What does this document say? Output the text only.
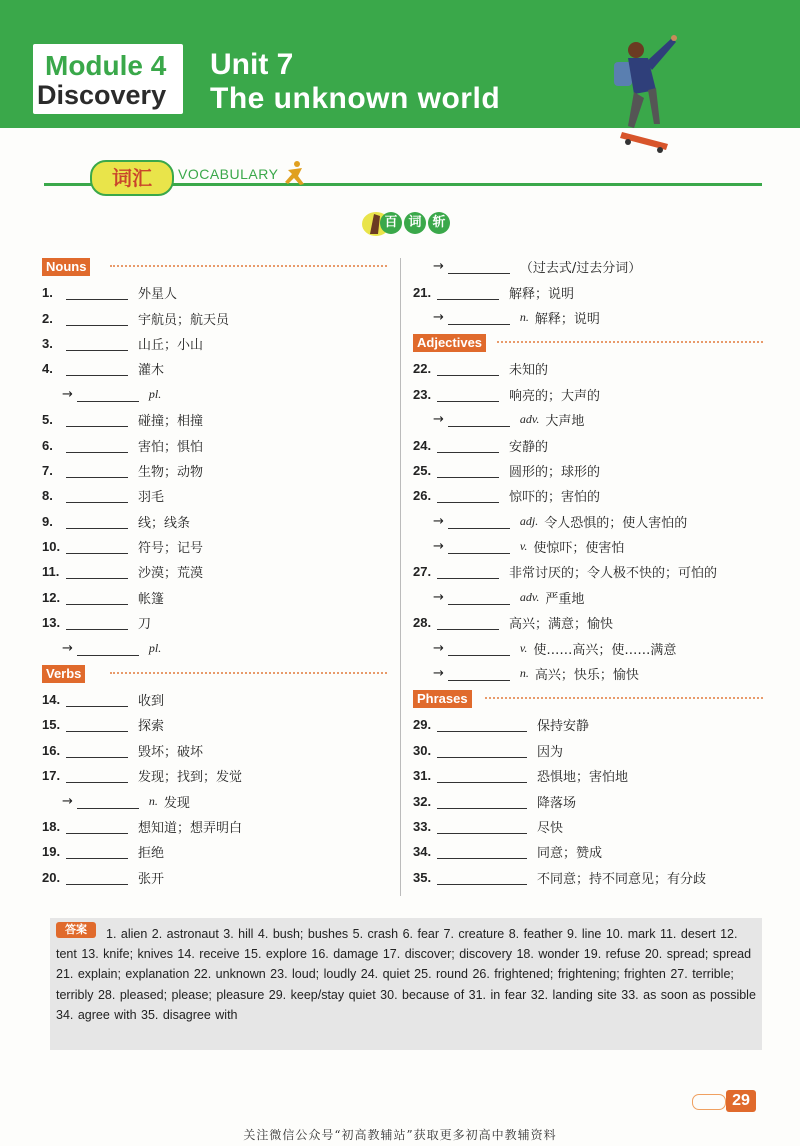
Module 4
Discovery
Unit 7
The unknown world
词汇	VOCABULARY
百 词 斩
Nouns
1.	外星人
2.	宇航员；航天员
3.	山丘；小山
4.	灌木
→	pl.
5.	碰撞；相撞
6.	害怕；惧怕
7.	生物；动物
8.	羽毛
9.	线；线条
10.	符号；记号
11.	沙漠；荒漠
12.	帐篷
13.	刀
→	pl.
Verbs
14.	收到
15.	探索
16.	毁坏；破坏
17.	发现；找到；发觉
→	n. 发现
18.	想知道；想弄明白
19.	拒绝
20.	张开
→	（过去式/过去分词）
21.	解释；说明
→	n. 解释；说明
Adjectives
22.	未知的
23.	响亮的；大声的
→	adv. 大声地
24.	安静的
25.	圆形的；球形的
26.	惊吓的；害怕的
→	adj. 令人恐惧的；使人害怕的
→	v. 使惊吓；使害怕
27.	非常讨厌的；令人极不快的；可怕的
→	adv. 严重地
28.	高兴；满意；愉快
→	v. 使……高兴；使……满意
→	n. 高兴；快乐；愉快
Phrases
29.	保持安静
30.	因为
31.	恐惧地；害怕地
32.	降落场
33.	尽快
34.	同意；赞成
35.	不同意；持不同意见；有分歧
答案	1. alien 2. astronaut 3. hill 4. bush; bushes 5. crash 6. fear 7. creature 8. feather 9. line 10. mark 11. desert 12. tent 13. knife; knives 14. receive 15. explore 16. damage 17. discover; discovery 18. wonder 19. refuse 20. spread; spread 21. explain; explanation 22. unknown 23. loud; loudly 24. quiet 25. round 26. frightened; frightening; frighten 27. terrible; terribly 28. pleased; please; pleasure 29. keep/stay quiet 30. because of 31. in fear 32. landing site 33. as soon as possible 34. agree with 35. disagree with
29
关注微信公众号“初高教辅站”获取更多初高中教辅资料
